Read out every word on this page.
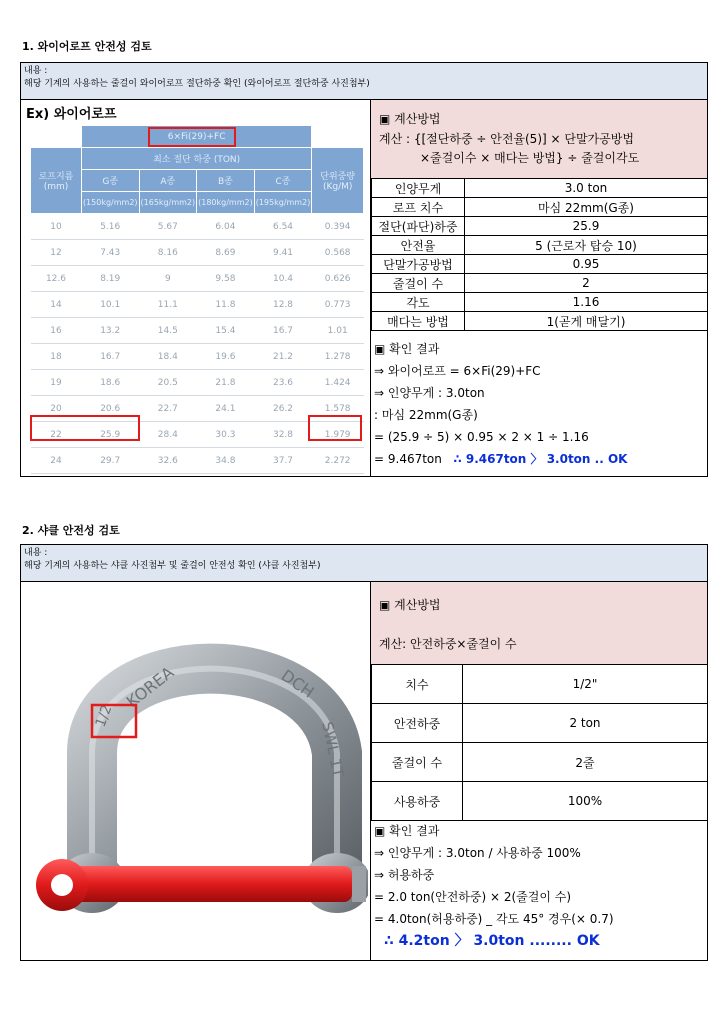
1. 와이어로프 안전성 검토
내용 :
해당 기계의 사용하는 줄걸이 와이어로프 절단하중 확인 (와이어로프 절단하중 사진첨부)
Ex) 와이어로프
	6×Fi(29)+FC				
로프지름
(mm)	최소 절단 하중 (TON)				단위중량
(Kg/M)
	G종	A종	B종	C종	
	(150kg/mm2)	(165kg/mm2)	(180kg/mm2)	(195kg/mm2)	
10	5.16	5.67	6.04	6.54	0.394
12	7.43	8.16	8.69	9.41	0.568
12.6	8.19	9	9.58	10.4	0.626
14	10.1	11.1	11.8	12.8	0.773
16	13.2	14.5	15.4	16.7	1.01
18	16.7	18.4	19.6	21.2	1.278
19	18.6	20.5	21.8	23.6	1.424
20	20.6	22.7	24.1	26.2	1.578
22	25.9	28.4	30.3	32.8	1.979
24	29.7	32.6	34.8	37.7	2.272
▣ 계산방법
계산 : {[절단하중 ÷ 안전율(5)] × 단말가공방법
×줄걸이수 × 매다는 방법} ÷ 줄걸이각도
인양무게	3.0 ton
로프 치수	마심 22mm(G종)
절단(파단)하중	25.9
안전율	5 (근로자 탑승 10)
단말가공방법	0.95
줄걸이 수	2
각도	1.16
매다는 방법	1(곧게 매달기)
▣ 확인 결과
⇒ 와이어로프 = 6×Fi(29)+FC
⇒ 인양무게 : 3.0ton
: 마심 22mm(G종)
= (25.9 ÷ 5) × 0.95 × 2 × 1 ÷ 1.16
= 9.467ton ∴ 9.467ton 〉 3.0ton .. OK
2. 샤클 안전성 검토
내용 :
해당 기계의 사용하는 샤클 사진첨부 및 줄걸이 안전성 확인 (샤클 사진첨부)
KOREA	DCH
SWL 1T
1/2
▣ 계산방법
계산: 안전하중×줄걸이 수
치수	1/2"
안전하중	2 ton
줄걸이 수	2줄
사용하중	100%
▣ 확인 결과
⇒ 인양무게 : 3.0ton / 사용하중 100%
⇒ 허용하중
= 2.0 ton(안전하중) × 2(줄걸이 수)
= 4.0ton(허용하중) _ 각도 45° 경우(× 0.7)
∴ 4.2ton 〉 3.0ton ........ OK
